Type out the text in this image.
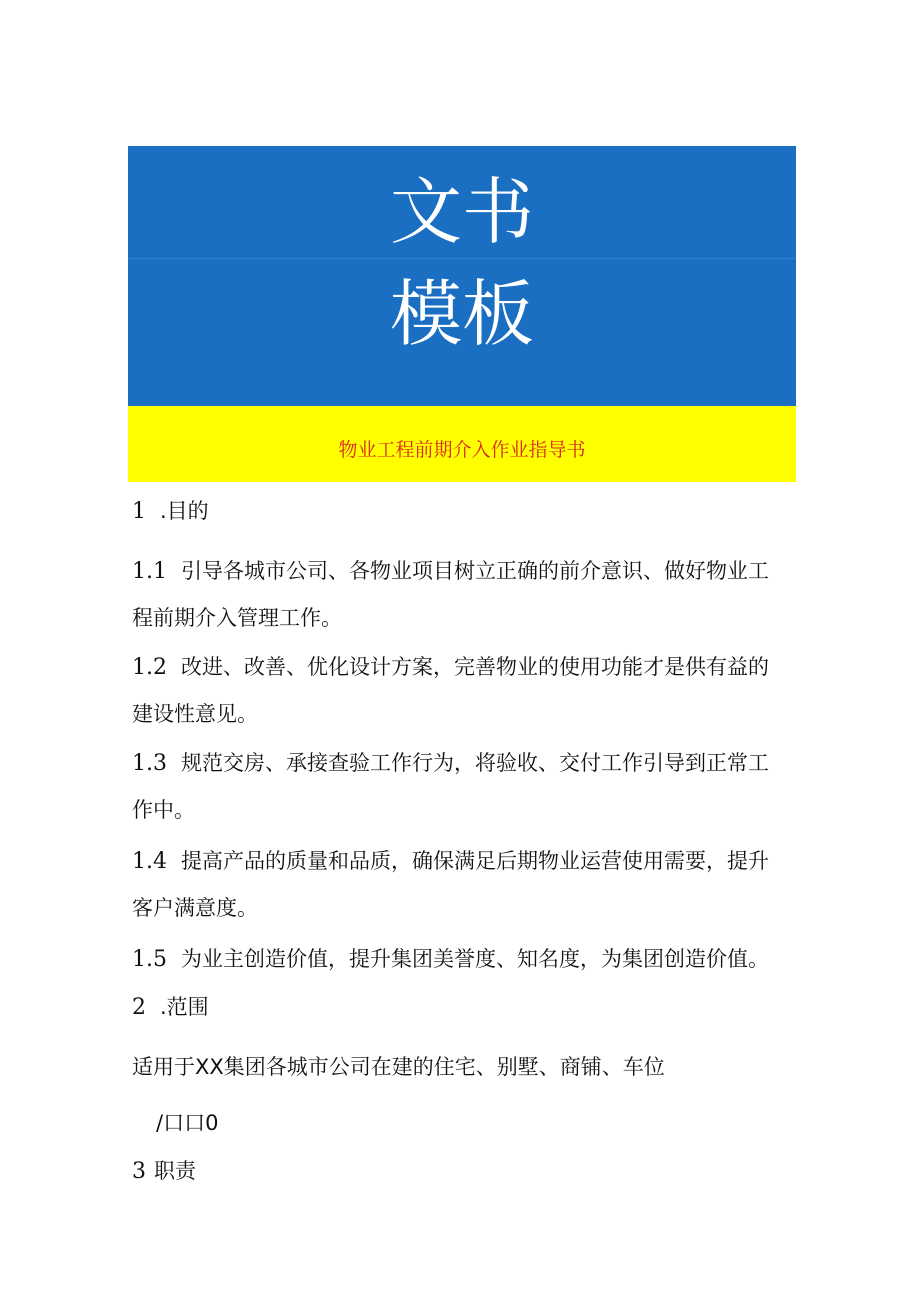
文书
模板
物业工程前期介入作业指导书
1 .目的
1.1 引导各城市公司、各物业项目树立正确的前介意识、做好物业工
程前期介入管理工作。
1.2 改进、改善、优化设计方案，完善物业的使用功能才是供有益的
建设性意见。
1.3 规范交房、承接查验工作行为，将验收、交付工作引导到正常工
作中。
1.4 提高产品的质量和品质，确保满足后期物业运营使用需要，提升
客户满意度。
1.5 为业主创造价值，提升集团美誉度、知名度，为集团创造价值。
2 .范围
适用于XX集团各城市公司在建的住宅、别墅、商铺、车位
/口口0
3 职责
